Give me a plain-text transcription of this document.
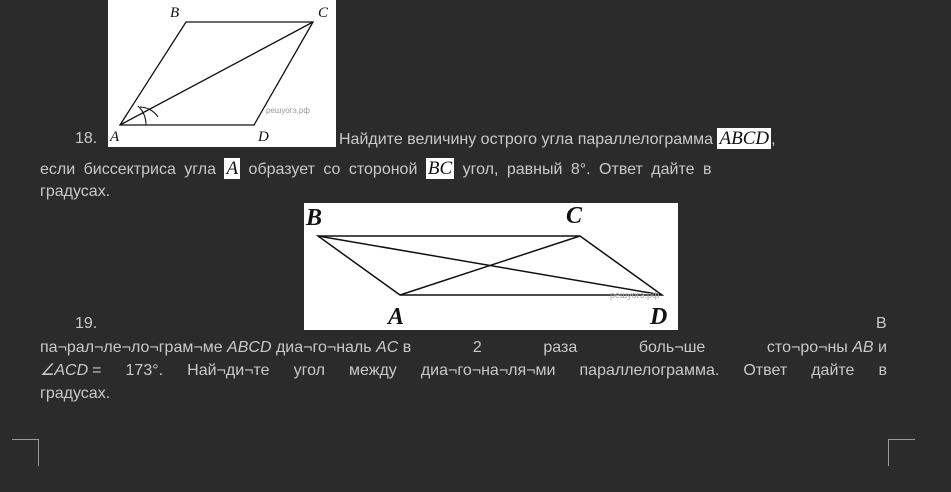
B	C
A	D
решуогэ.рф
18.	Найдите величину острого угла параллелограмма ABCD ,
если биссектриса угла A образует со стороной BC угол, равный 8°. Ответ дайте в
градусах.
B	C
A	D
решуогэ.рф
19.	В
па¬рал¬ле¬ло¬грам¬ме ABCD диа¬го¬наль AC в	2	раза	боль¬ше	сто¬ро¬ны AB и
∠ACD = 173°. Най¬ди¬те угол между диа¬го¬на¬ля¬ми параллелограмма. Ответ дайте в
градусах.
